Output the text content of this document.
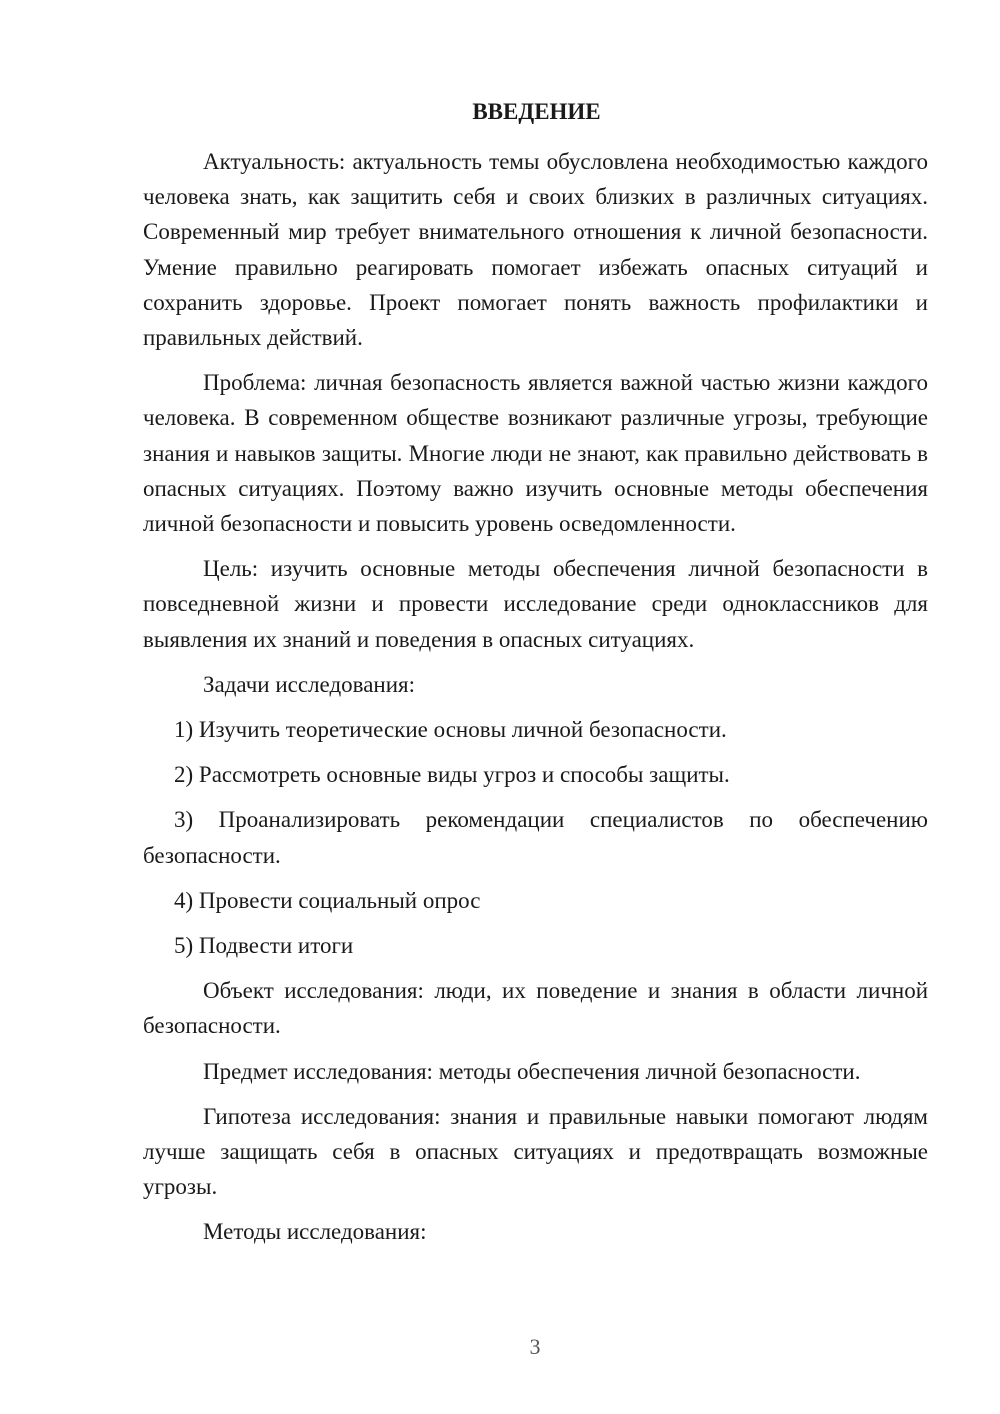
ВВЕДЕНИЕ

Актуальность: актуальность темы обусловлена необходимостью каждого человека знать, как защитить себя и своих близких в различных ситуациях. Современный мир требует внимательного отношения к личной безопасности. Умение правильно реагировать помогает избежать опасных ситуаций и сохранить здоровье. Проект помогает понять важность профилактики и правильных действий.

Проблема: личная безопасность является важной частью жизни каждого человека. В современном обществе возникают различные угрозы, требующие знания и навыков защиты. Многие люди не знают, как правильно действовать в опасных ситуациях. Поэтому важно изучить основные методы обеспечения личной безопасности и повысить уровень осведомленности.

Цель: изучить основные методы обеспечения личной безопасности в повседневной жизни и провести исследование среди одноклассников для выявления их знаний и поведения в опасных ситуациях.

Задачи исследования:

1) Изучить теоретические основы личной безопасности.

2) Рассмотреть основные виды угроз и способы защиты.

3) Проанализировать рекомендации специалистов по обеспечению безопасности.

4) Провести социальный опрос

5) Подвести итоги

Объект исследования: люди, их поведение и знания в области личной безопасности.

Предмет исследования: методы обеспечения личной безопасности.

Гипотеза исследования: знания и правильные навыки помогают людям лучше защищать себя в опасных ситуациях и предотвращать возможные угрозы.

Методы исследования:

3
